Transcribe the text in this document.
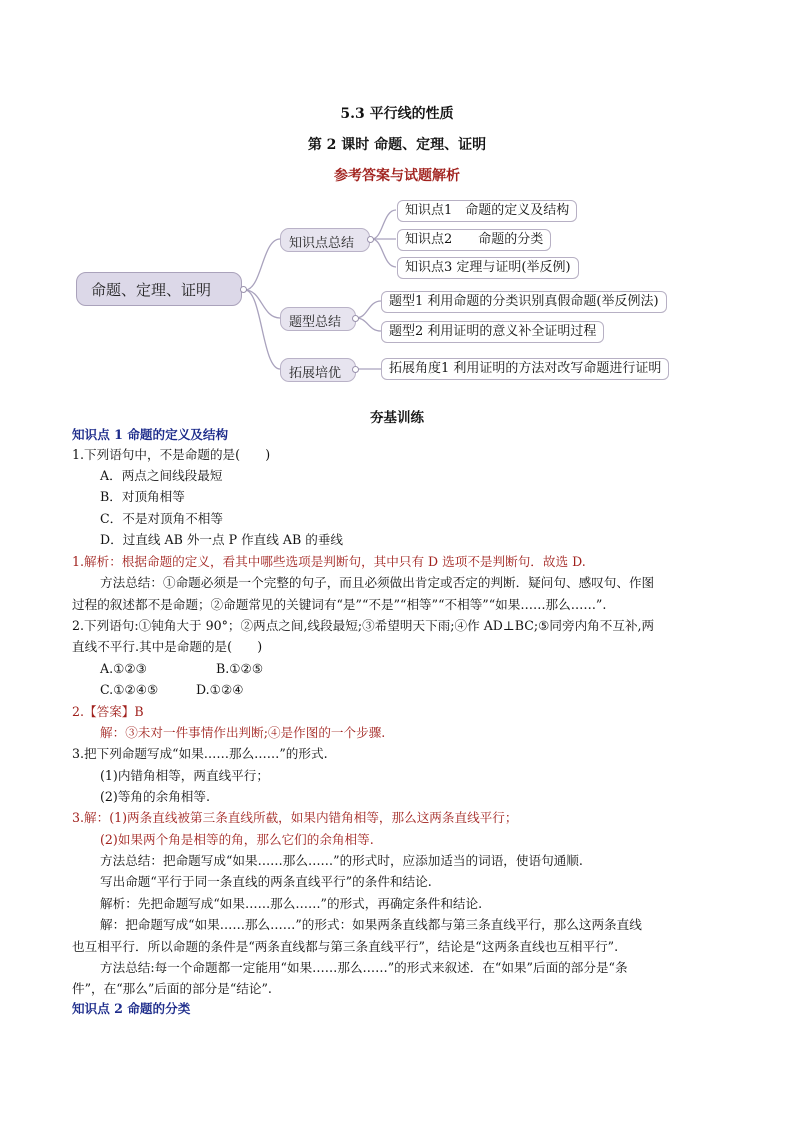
5.3 平行线的性质
第 2 课时 命题、定理、证明
参考答案与试题解析
命题、定理、证明
知识点总结
题型总结
拓展培优
知识点1　命题的定义及结构
知识点2　　命题的分类
知识点3 定理与证明(举反例)
题型1 利用命题的分类识别真假命题(举反例法)
题型2 利用证明的意义补全证明过程
拓展角度1 利用证明的方法对改写命题进行证明
夯基训练
知识点 1 命题的定义及结构
1.下列语句中，不是命题的是(　　)
A．两点之间线段最短
B．对顶角相等
C．不是对顶角不相等
D．过直线 AB 外一点 P 作直线 AB 的垂线
1.解析：根据命题的定义，看其中哪些选项是判断句，其中只有 D 选项不是判断句．故选 D.
方法总结：①命题必须是一个完整的句子，而且必须做出肯定或否定的判断．疑问句、感叹句、作图
过程的叙述都不是命题；②命题常见的关键词有“是”“不是”“相等”“不相等”“如果……那么……”.
2.下列语句:①钝角大于 90°；②两点之间,线段最短;③希望明天下雨;④作 AD⊥BC;⑤同旁内角不互补,两
直线不平行.其中是命题的是(　　)
A.①②③	B.①②⑤
C.①②④⑤	D.①②④
2.【答案】B
解：③未对一件事情作出判断;④是作图的一个步骤.
3.把下列命题写成“如果……那么……”的形式.
(1)内错角相等，两直线平行；
(2)等角的余角相等.
3.解：(1)两条直线被第三条直线所截，如果内错角相等，那么这两条直线平行；
(2)如果两个角是相等的角，那么它们的余角相等.
方法总结：把命题写成“如果……那么……”的形式时，应添加适当的词语，使语句通顺.
写出命题“平行于同一条直线的两条直线平行”的条件和结论.
解析：先把命题写成“如果……那么……”的形式，再确定条件和结论.
解：把命题写成“如果……那么……”的形式：如果两条直线都与第三条直线平行，那么这两条直线
也互相平行．所以命题的条件是“两条直线都与第三条直线平行”，结论是“这两条直线也互相平行”.
方法总结:每一个命题都一定能用“如果……那么……”的形式来叙述．在“如果”后面的部分是“条
件”，在“那么”后面的部分是“结论”.
知识点 2 命题的分类
